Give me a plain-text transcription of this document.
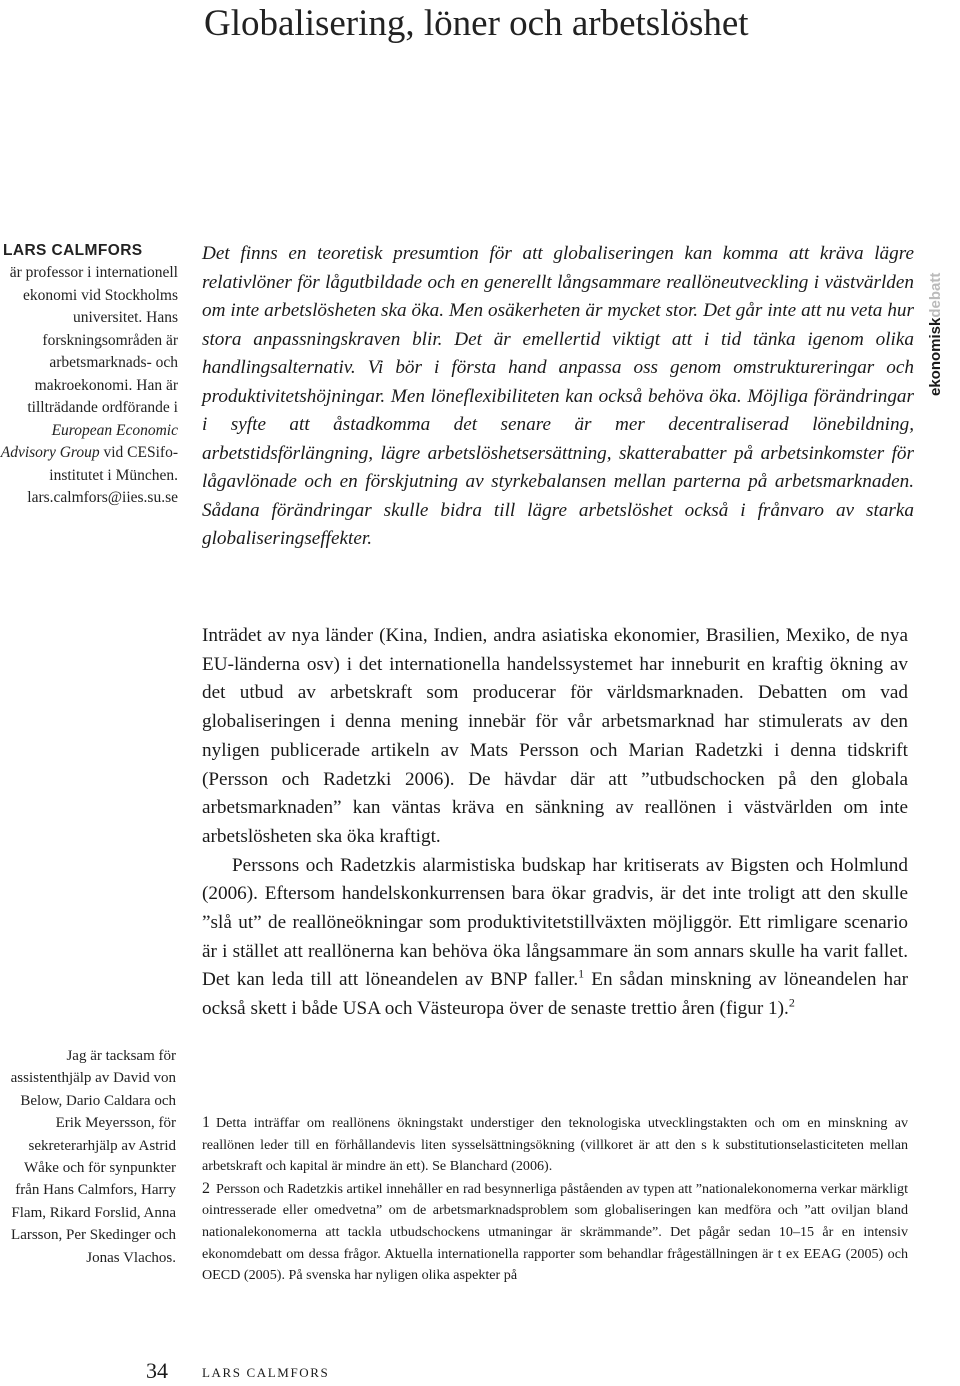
Globalisering, löner och arbetslöshet
LARS CALMFORS
är professor i internationell ekonomi vid Stockholms universitet. Hans forskningsområden är arbetsmarknads- och makroekonomi. Han är tillträdande ordförande i European Economic Advisory Group vid CESifo-institutet i München.
lars.calmfors@iies.su.se

Det finns en teoretisk presumtion för att globaliseringen kan komma att kräva lägre relativlöner för lågutbildade och en generellt långsammare reallöneutveckling i västvärlden om inte arbetslösheten ska öka. Men osäkerheten är mycket stor. Det går inte att nu veta hur stora anpassningskraven blir. Det är emellertid viktigt att i tid tänka igenom olika handlingsalternativ. Vi bör i första hand anpassa oss genom omstruktureringar och produktivitetshöjningar. Men löneflexibiliteten kan också behöva öka. Möjliga förändringar i syfte att åstadkomma det senare är mer decentraliserad lönebildning, arbetstidsförlängning, lägre arbetslöshetsersättning, skatterabatter på arbetsinkomster för lågavlönade och en förskjutning av styrkebalansen mellan parterna på arbetsmarknaden. Sådana förändringar skulle bidra till lägre arbetslöshet också i frånvaro av starka globaliseringseffekter.

ekonomiskdebatt

Inträdet av nya länder (Kina, Indien, andra asiatiska ekonomier, Brasilien, Mexiko, de nya EU-länderna osv) i det internationella handelssystemet har inneburit en kraftig ökning av det utbud av arbetskraft som producerar för världsmarknaden. Debatten om vad globaliseringen i denna mening innebär för vår arbetsmarknad har stimulerats av den nyligen publicerade artikeln av Mats Persson och Marian Radetzki i denna tidskrift (Persson och Radetzki 2006). De hävdar där att ”utbudschocken på den globala arbetsmarknaden” kan väntas kräva en sänkning av reallönen i västvärlden om inte arbetslösheten ska öka kraftigt.

Perssons och Radetzkis alarmistiska budskap har kritiserats av Bigsten och Holmlund (2006). Eftersom handelskonkurrensen bara ökar gradvis, är det inte troligt att den skulle ”slå ut” de reallöneökningar som produktivitetstillväxten möjliggör. Ett rimligare scenario är i stället att reallönerna kan behöva öka långsammare än som annars skulle ha varit fallet. Det kan leda till att löneandelen av BNP faller.$^1$ En sådan minskning av löneandelen har också skett i både USA och Västeuropa över de senaste trettio åren (figur 1).$^2$

Jag är tacksam för assistenthjälp av David von Below, Dario Caldara och Erik Meyersson, för sekreterarhjälp av Astrid Wåke och för synpunkter från Hans Calmfors, Harry Flam, Rikard Forslid, Anna Larsson, Per Skedinger och Jonas Vlachos.

1 Detta inträffar om reallönens ökningstakt understiger den teknologiska utvecklingstakten och om en minskning av reallönen leder till en förhållandevis liten sysselsättningsökning (villkoret är att den s k substitutionselasticiteten mellan arbetskraft och kapital är mindre än ett). Se Blanchard (2006).

2 Persson och Radetzkis artikel innehåller en rad besynnerliga påståenden av typen att ”nationalekonomerna verkar märkligt ointresserade eller omedvetna” om de arbetsmarknadsproblem som globaliseringen kan medföra och ”att oviljan bland nationalekonomerna att tackla utbudschockens utmaningar är skrämmande”. Det pågår sedan 10–15 år en intensiv ekonomdebatt om dessa frågor. Aktuella internationella rapporter som behandlar frågeställningen är t ex EEAG (2005) och OECD (2005). På svenska har nyligen olika aspekter på

34	LARS CALMFORS
